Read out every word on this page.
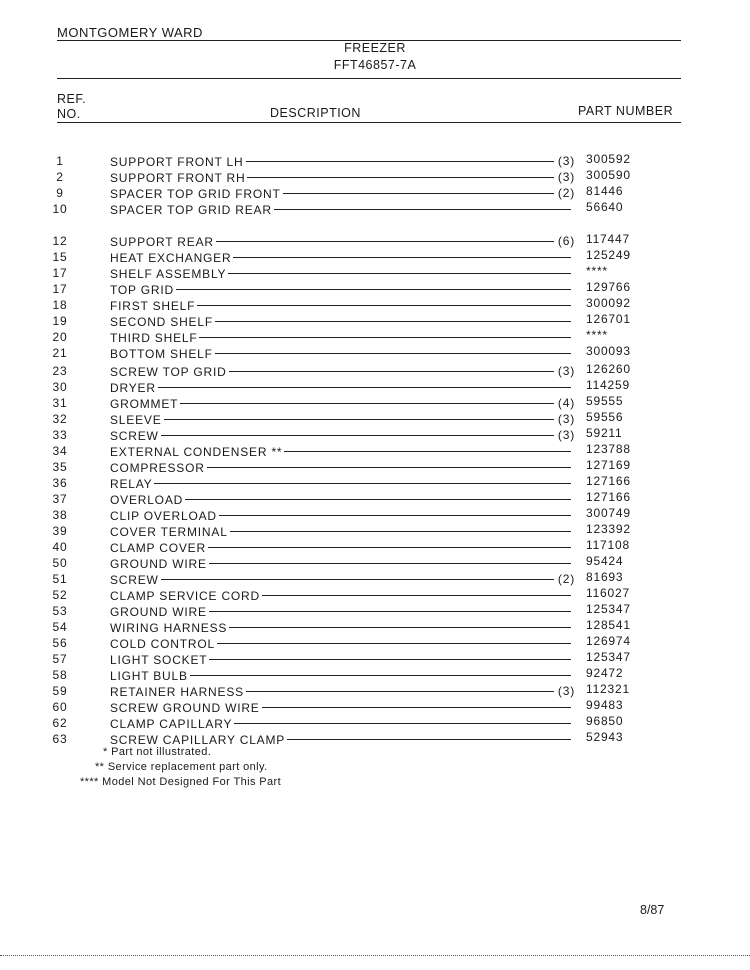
MONTGOMERY WARD
FREEZER
FFT46857-7A
REF.
NO.	DESCRIPTION	PART NUMBER
1	SUPPORT FRONT LH	(3) 300592
2	SUPPORT FRONT RH	(3) 300590
9	SPACER TOP GRID FRONT	(2) 81446
10	SPACER TOP GRID REAR	56640
12	SUPPORT REAR	(6) 117447
15	HEAT EXCHANGER	125249
17	SHELF ASSEMBLY	****
17	TOP GRID	129766
18	FIRST SHELF	300092
19	SECOND SHELF	126701
20	THIRD SHELF	****
21	BOTTOM SHELF	300093
23	SCREW TOP GRID	(3) 126260
30	DRYER	114259
31	GROMMET	(4) 59555
32	SLEEVE	(3) 59556
33	SCREW	(3) 59211
34	EXTERNAL CONDENSER **	123788
35	COMPRESSOR	127169
36	RELAY	127166
37	OVERLOAD	127166
38	CLIP OVERLOAD	300749
39	COVER TERMINAL	123392
40	CLAMP COVER	117108
50	GROUND WIRE	95424
51	SCREW	(2) 81693
52	CLAMP SERVICE CORD	116027
53	GROUND WIRE	125347
54	WIRING HARNESS	128541
56	COLD CONTROL	126974
57	LIGHT SOCKET	125347
58	LIGHT BULB	92472
59	RETAINER HARNESS	(3) 112321
60	SCREW GROUND WIRE	99483
62	CLAMP CAPILLARY	96850
63	SCREW CAPILLARY CLAMP	52943
* Part not illustrated.
** Service replacement part only.
**** Model Not Designed For This Part
8/87
